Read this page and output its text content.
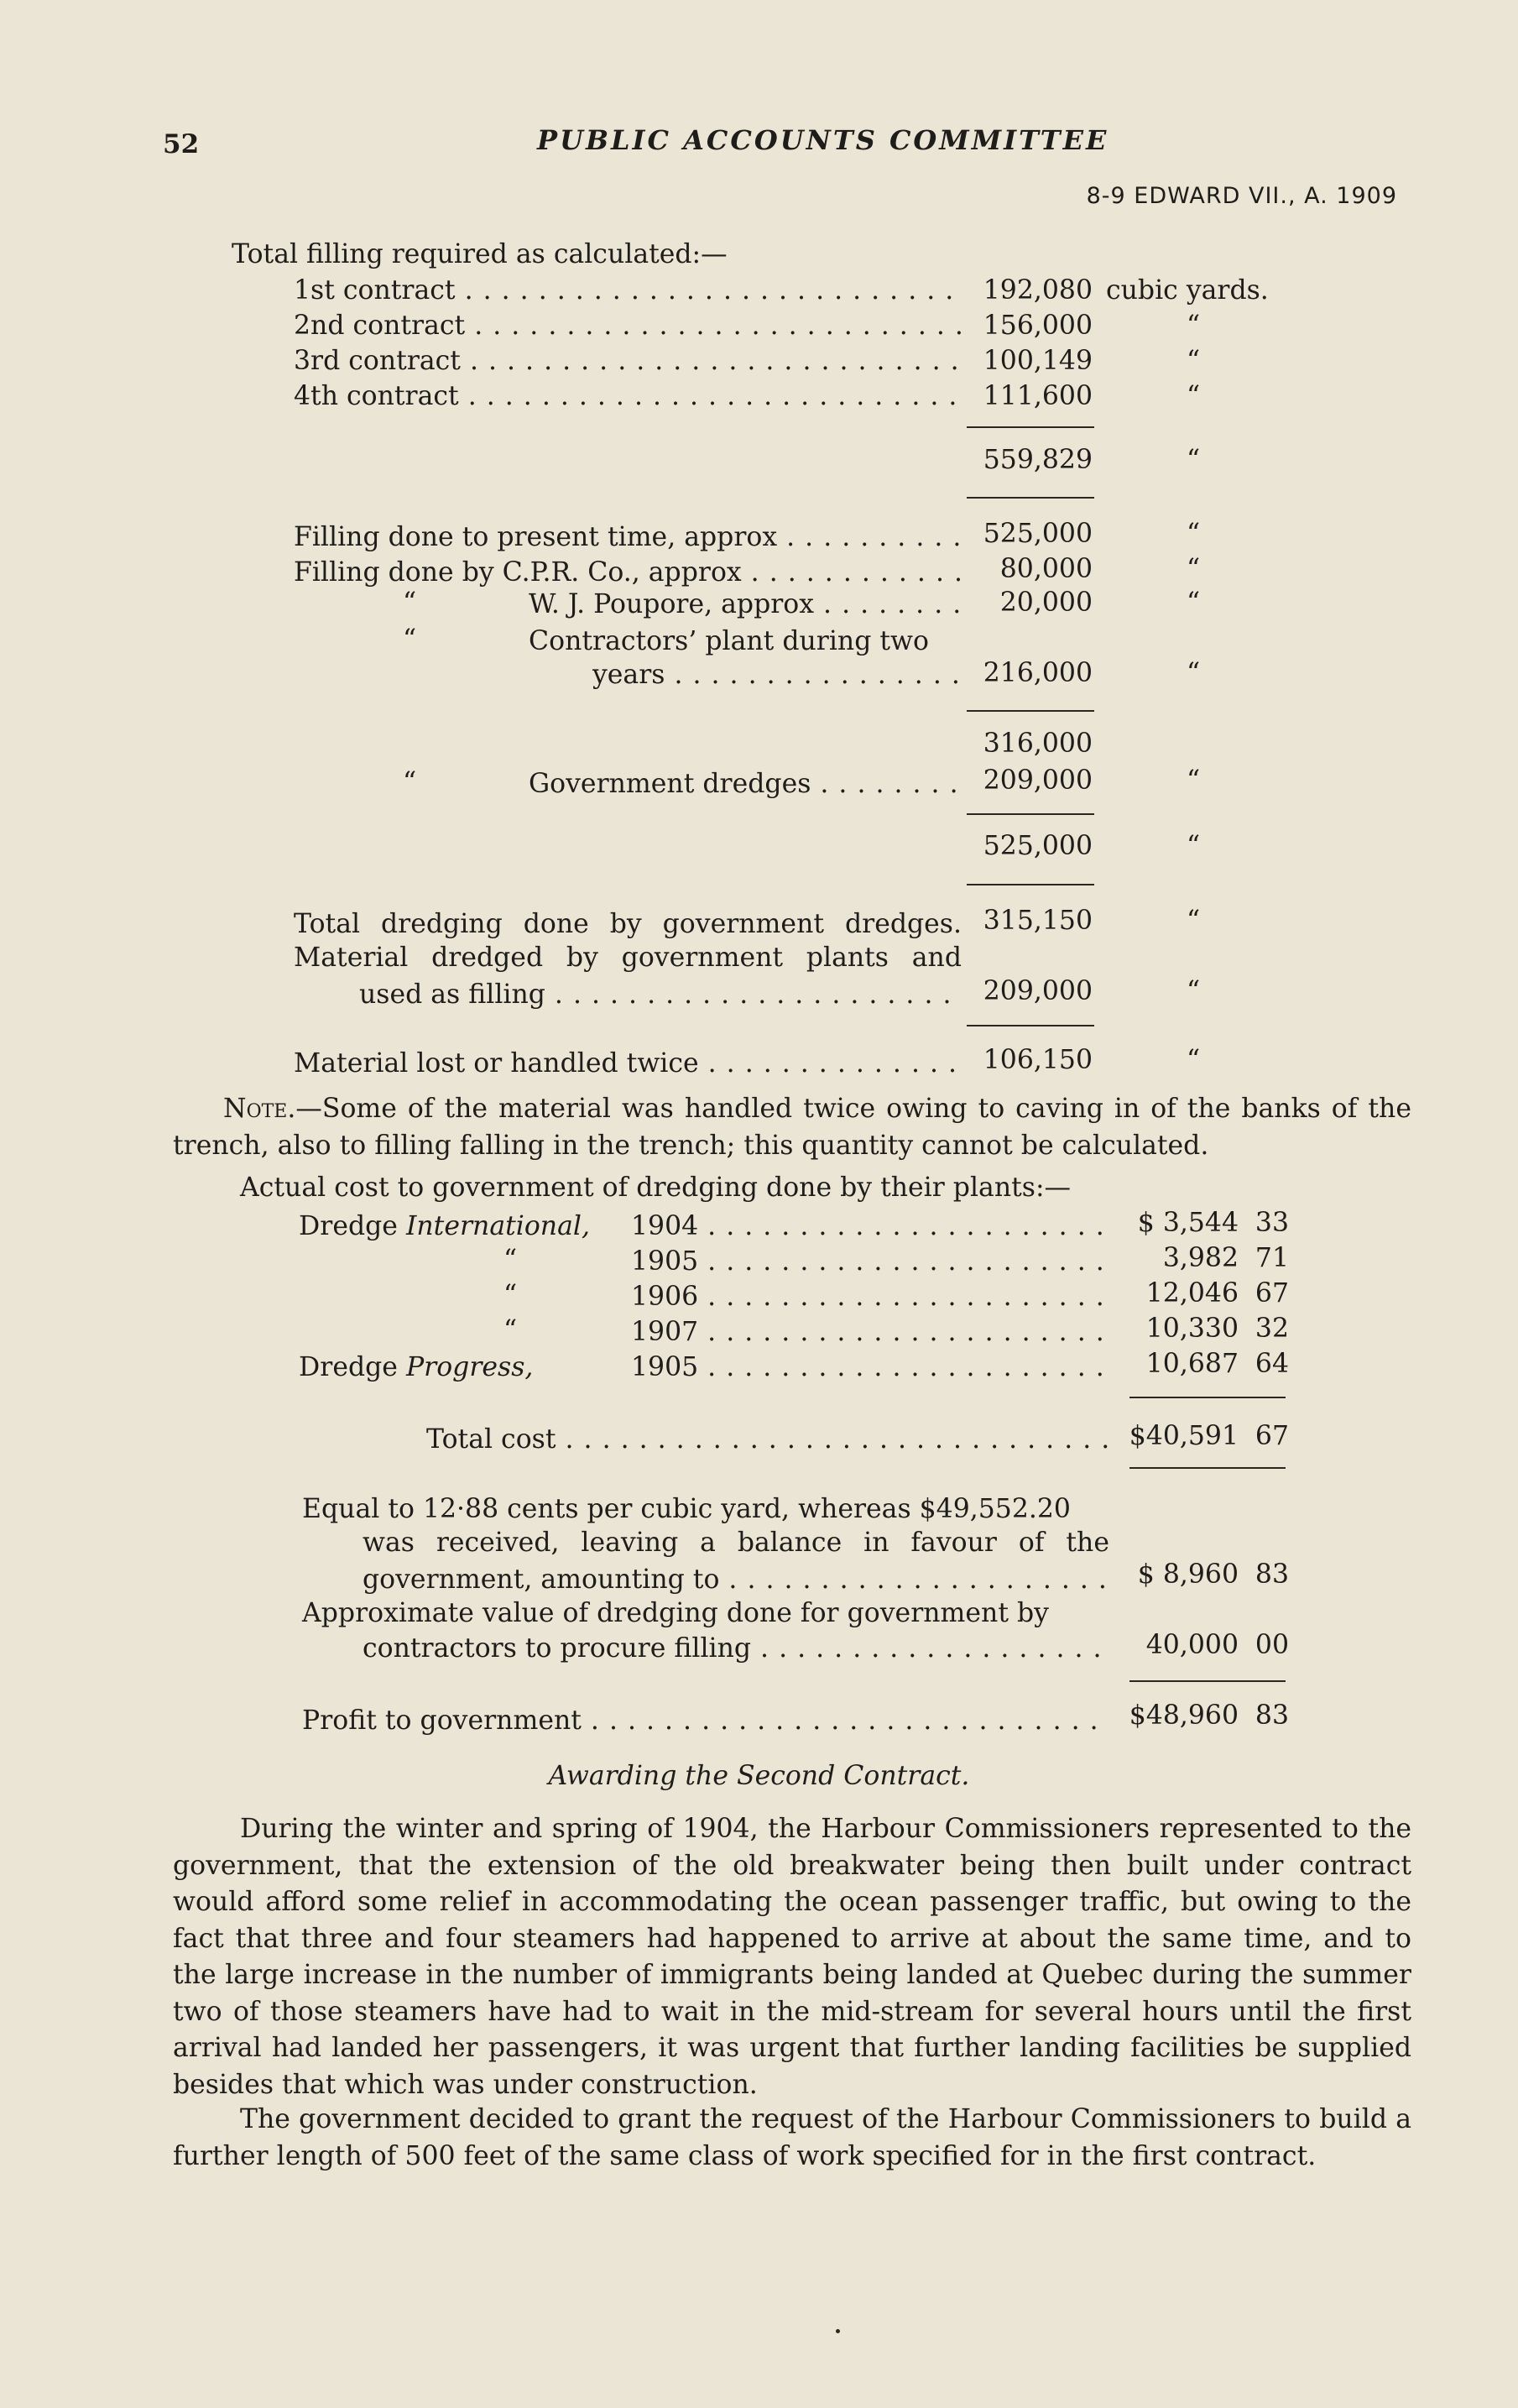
52	PUBLIC ACCOUNTS COMMITTEE
8-9 EDWARD VII., A. 1909
Total filling required as calculated:—
1st contract . . .	192,080 cubic yards.
2nd contract . . .	156,000	“
3rd contract . . .	100,149	“
4th contract . . .	111,600	“
559,829	“
Filling done to present time, approx . . .	525,000	“
Filling done by C.P.R. Co., approx . . .	80,000	“
“	W. J. Poupore, approx . . .	20,000	“
“	Contractors’ plant during two
years . . .	216,000	“
316,000
“	Government dredges . . .	209,000	“
525,000	“
Total dredging done by government dredges. 315,150	“
Material dredged by government plants and
used as filling . . .	209,000	“
Material lost or handled twice . . .	106,150	“
Note.—Some of the material was handled twice owing to caving in of the banks of the trench, also to filling falling in the trench; this quantity cannot be calculated.
Actual cost to government of dredging done by their plants:—
Dredge International, 1904 . . .	$ 3,544 33
“	1905 . . .	3,982 71
“	1906 . . .	12,046 67
“	1907 . . .	10,330 32
Dredge Progress,	1905 . . .	10,687 64
Total cost . . .	$40,591 67
Equal to 12·88 cents per cubic yard, whereas $49,552.20
was received, leaving a balance in favour of the
government, amounting to . . .	$ 8,960 83
Approximate value of dredging done for government by
contractors to procure filling . . .	40,000 00
Profit to government . . .	$48,960 83
Awarding the Second Contract.
During the winter and spring of 1904, the Harbour Commissioners represented to the government, that the extension of the old breakwater being then built under contract would afford some relief in accommodating the ocean passenger traffic, but owing to the fact that three and four steamers had happened to arrive at about the same time, and to the large increase in the number of immigrants being landed at Quebec during the summer two of those steamers have had to wait in the mid-stream for several hours until the first arrival had landed her passengers, it was urgent that further landing facilities be supplied besides that which was under construction.
The government decided to grant the request of the Harbour Commissioners to build a further length of 500 feet of the same class of work specified for in the first contract.
